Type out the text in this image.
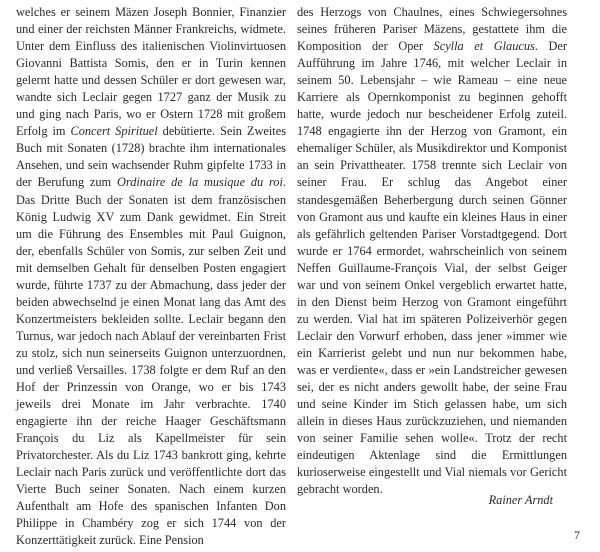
welches er seinem Mäzen Joseph Bonnier, Finanzier und einer der reichsten Männer Frankreichs, widmete. Unter dem Einfluss des italienischen Violinvirtuosen Giovanni Battista Somis, den er in Turin kennen gelernt hatte und dessen Schüler er dort gewesen war, wandte sich Leclair gegen 1727 ganz der Musik zu und ging nach Paris, wo er Ostern 1728 mit großem Erfolg im Concert Spirituel debütierte. Sein Zweites Buch mit Sonaten (1728) brachte ihm internationales Ansehen, und sein wachsender Ruhm gipfelte 1733 in der Berufung zum Ordinaire de la musique du roi. Das Dritte Buch der Sonaten ist dem französischen König Ludwig XV zum Dank gewidmet. Ein Streit um die Führung des Ensembles mit Paul Guignon, der, ebenfalls Schüler von Somis, zur selben Zeit und mit demselben Gehalt für denselben Posten engagiert wurde, führte 1737 zu der Abmachung, dass jeder der beiden abwechselnd je einen Monat lang das Amt des Konzertmeisters bekleiden sollte. Leclair begann den Turnus, war jedoch nach Ablauf der vereinbarten Frist zu stolz, sich nun seinerseits Guignon unterzuordnen, und verließ Versailles. 1738 folgte er dem Ruf an den Hof der Prinzessin von Orange, wo er bis 1743 jeweils drei Monate im Jahr verbrachte. 1740 engagierte ihn der reiche Haager Geschäftsmann François du Liz als Kapellmeister für sein Privatorchester. Als du Liz 1743 bankrott ging, kehrte Leclair nach Paris zurück und veröffentlichte dort das Vierte Buch seiner Sonaten. Nach einem kurzen Aufenthalt am Hofe des spanischen Infanten Don Philippe in Chambéry zog er sich 1744 von der Konzerttätigkeit zurück. Eine Pension

des Herzogs von Chaulnes, eines Schwiegersohnes seines früheren Pariser Mäzens, gestattete ihm die Komposition der Oper Scylla et Glaucus. Der Aufführung im Jahre 1746, mit welcher Leclair in seinem 50. Lebensjahr – wie Rameau – eine neue Karriere als Opernkomponist zu beginnen gehofft hatte, wurde jedoch nur bescheidener Erfolg zuteil. 1748 engagierte ihn der Herzog von Gramont, ein ehemaliger Schüler, als Musikdirektor und Komponist an sein Privattheater. 1758 trennte sich Leclair von seiner Frau. Er schlug das Angebot einer standesgemäßen Beherbergung durch seinen Gönner von Gramont aus und kaufte ein kleines Haus in einer als gefährlich geltenden Pariser Vorstadtgegend. Dort wurde er 1764 ermordet, wahrscheinlich von seinem Neffen Guillaume-François Vial, der selbst Geiger war und von seinem Onkel vergeblich erwartet hatte, in den Dienst beim Herzog von Gramont eingeführt zu werden. Vial hat im späteren Polizeiverhör gegen Leclair den Vorwurf erhoben, dass jener »immer wie ein Karrierist gelebt und nun nur bekommen habe, was er verdiente«, dass er »ein Landstreicher gewesen sei, der es nicht anders gewollt habe, der seine Frau und seine Kinder im Stich gelassen habe, um sich allein in dieses Haus zurückzuziehen, und niemanden von seiner Familie sehen wolle«. Trotz der recht eindeutigen Aktenlage sind die Ermittlungen kurioserweise eingestellt und Vial niemals vor Gericht gebracht worden.

Rainer Arndt
7
